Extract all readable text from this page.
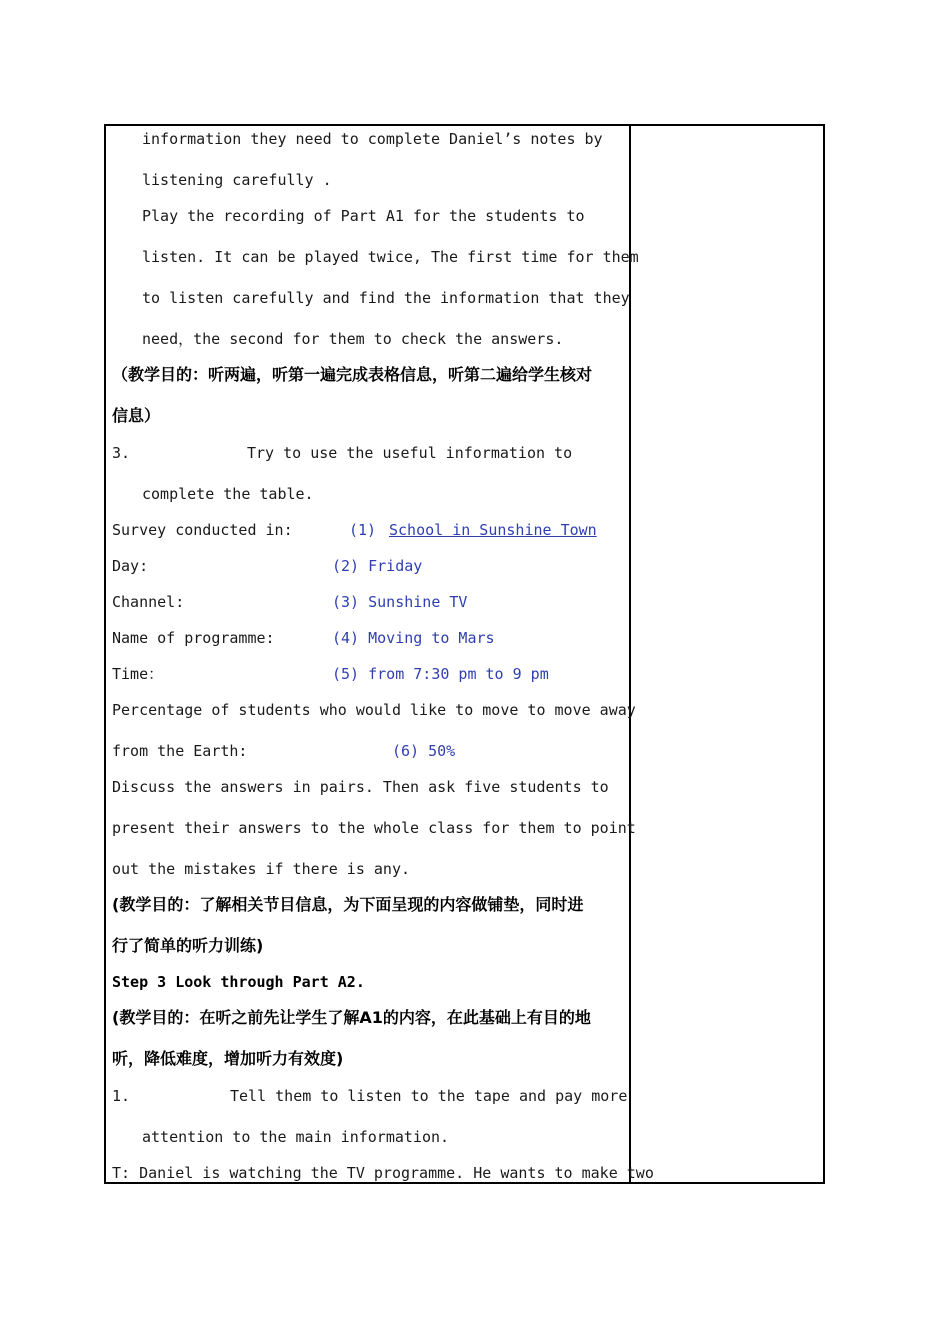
information they need to complete Daniel’s notes by
listening carefully .
Play the recording of Part A1 for the students to
listen. It can be played twice, The first time for them
to listen carefully and find the information that they
need，the second for them to check the answers.
（教学目的：听两遍，听第一遍完成表格信息，听第二遍给学生核对
信息）
3.	Try to use the useful information to
complete the table.
Survey conducted in:	(1) School in Sunshine Town
Day:	(2) Friday
Channel:	(3) Sunshine TV
Name of programme:	(4) Moving to Mars
Time：	(5) from 7:30 pm to 9 pm
Percentage of students who would like to move to move away
from the Earth:	(6) 50%
Discuss the answers in pairs. Then ask five students to
present their answers to the whole class for them to point
out the mistakes if there is any.
(教学目的：了解相关节目信息，为下面呈现的内容做铺垫，同时进
行了简单的听力训练)
Step 3 Look through Part A2.
(教学目的：在听之前先让学生了解A1的内容，在此基础上有目的地
听，降低难度，增加听力有效度)
1.	Tell them to listen to the tape and pay more
attention to the main information.
T: Daniel is watching the TV programme. He wants to make two
